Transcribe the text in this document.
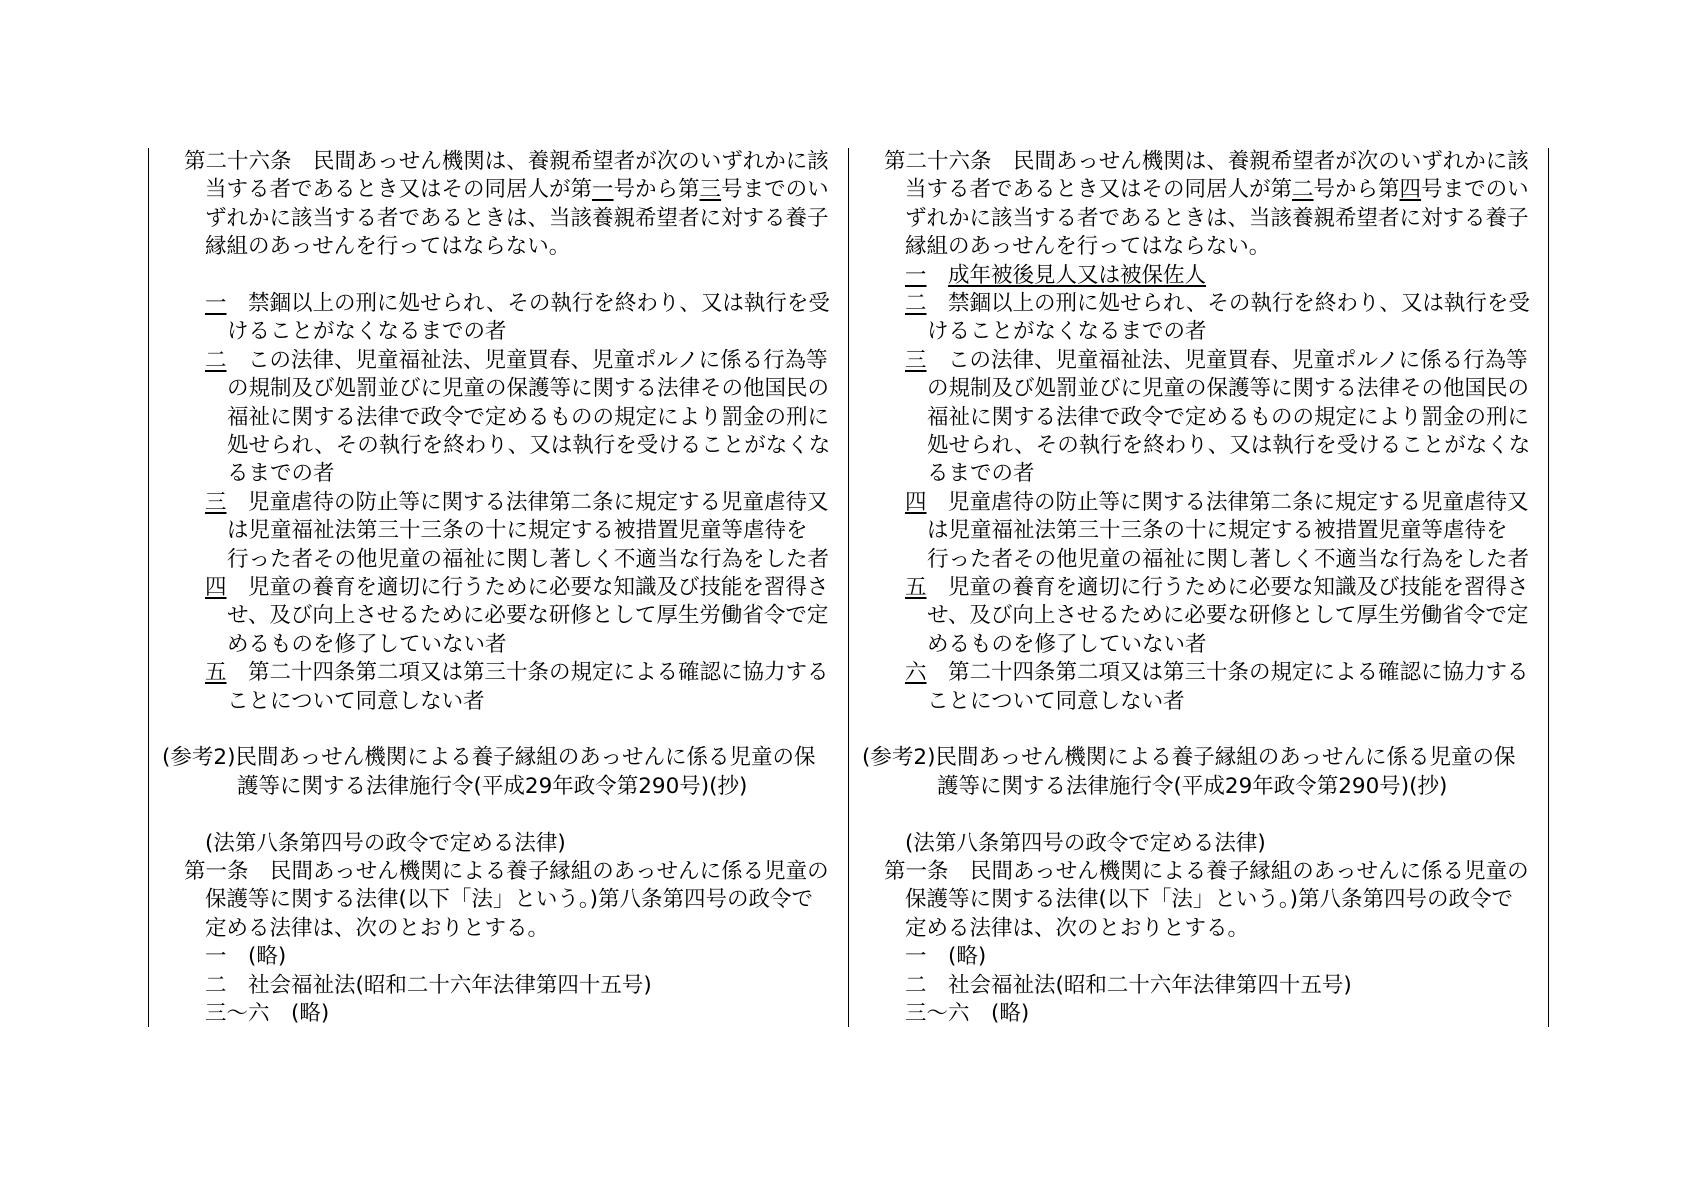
第二十六条　民間あっせん機関は、養親希望者が次のいずれかに該
当する者であるとき又はその同居人が第一号から第三号までのい
ずれかに該当する者であるときは、当該養親希望者に対する養子
縁組のあっせんを行ってはならない。
一　 禁錮以上の刑に処せられ、その執行を終わり、又は執行を受
けることがなくなるまでの者
二　 この法律、児童福祉法、児童買春、児童ポルノに係る行為等
の規制及び処罰並びに児童の保護等に関する法律その他国民の
福祉に関する法律で政令で定めるものの規定により罰金の刑に
処せられ、その執行を終わり、又は執行を受けることがなくな
るまでの者
三　 児童虐待の防止等に関する法律第二条に規定する児童虐待又
は児童福祉法第三十三条の十に規定する被措置児童等虐待を
行った者その他児童の福祉に関し著しく不適当な行為をした者
四　 児童の養育を適切に行うために必要な知識及び技能を習得さ
せ、及び向上させるために必要な研修として厚生労働省令で定
めるものを修了していない者
五　 第二十四条第二項又は第三十条の規定による確認に協力する
ことについて同意しない者
(参考2)民間あっせん機関による養子縁組のあっせんに係る児童の保
護等に関する法律施行令(平成29年政令第290号)(抄)
(法第八条第四号の政令で定める法律)
第一条　民間あっせん機関による養子縁組のあっせんに係る児童の
保護等に関する法律(以下「法」という。)第八条第四号の政令で
定める法律は、次のとおりとする。
一　(略)
二　社会福祉法(昭和二十六年法律第四十五号)
三～六　(略)
第二十六条　民間あっせん機関は、養親希望者が次のいずれかに該
当する者であるとき又はその同居人が第二号から第四号までのい
ずれかに該当する者であるときは、当該養親希望者に対する養子
縁組のあっせんを行ってはならない。
一　 成年被後見人又は被保佐人
二　 禁錮以上の刑に処せられ、その執行を終わり、又は執行を受
けることがなくなるまでの者
三　 この法律、児童福祉法、児童買春、児童ポルノに係る行為等
の規制及び処罰並びに児童の保護等に関する法律その他国民の
福祉に関する法律で政令で定めるものの規定により罰金の刑に
処せられ、その執行を終わり、又は執行を受けることがなくな
るまでの者
四　 児童虐待の防止等に関する法律第二条に規定する児童虐待又
は児童福祉法第三十三条の十に規定する被措置児童等虐待を
行った者その他児童の福祉に関し著しく不適当な行為をした者
五　 児童の養育を適切に行うために必要な知識及び技能を習得さ
せ、及び向上させるために必要な研修として厚生労働省令で定
めるものを修了していない者
六　 第二十四条第二項又は第三十条の規定による確認に協力する
ことについて同意しない者
(参考2)民間あっせん機関による養子縁組のあっせんに係る児童の保
護等に関する法律施行令(平成29年政令第290号)(抄)
(法第八条第四号の政令で定める法律)
第一条　民間あっせん機関による養子縁組のあっせんに係る児童の
保護等に関する法律(以下「法」という。)第八条第四号の政令で
定める法律は、次のとおりとする。
一　(略)
二　社会福祉法(昭和二十六年法律第四十五号)
三～六　(略)
